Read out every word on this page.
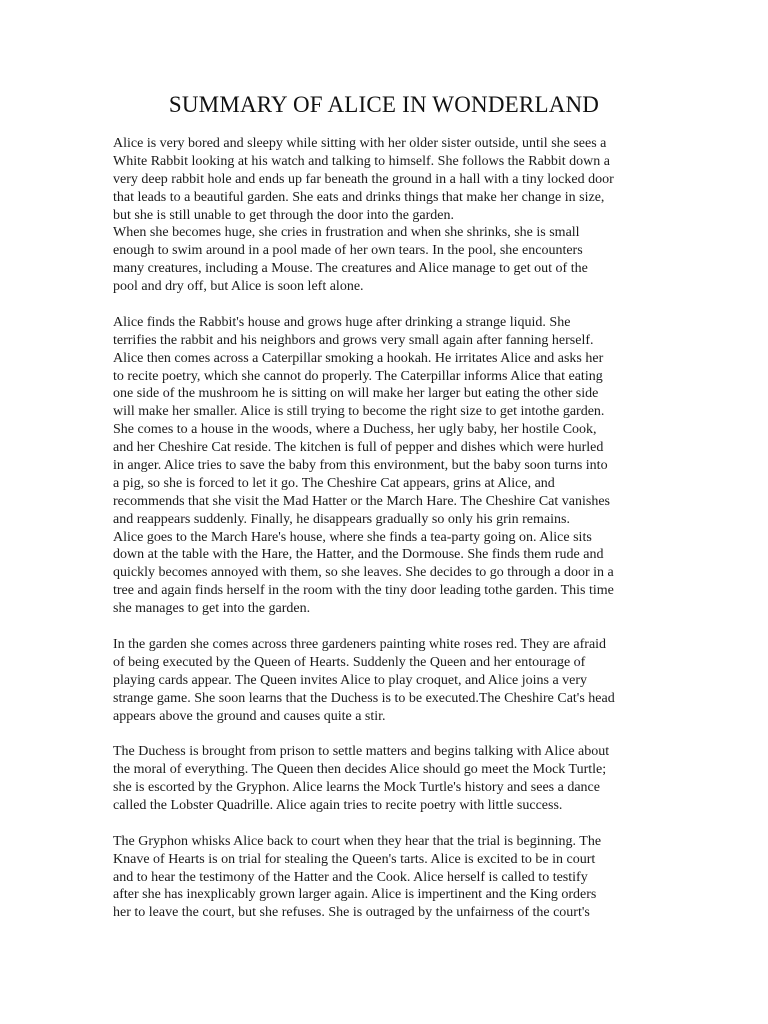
SUMMARY OF ALICE IN WONDERLAND
Alice is very bored and sleepy while sitting with her older sister outside, until she sees a
White Rabbit looking at his watch and talking to himself. She follows the Rabbit down a
very deep rabbit hole and ends up far beneath the ground in a hall with a tiny locked door
that leads to a beautiful garden. She eats and drinks things that make her change in size,
but she is still unable to get through the door into the garden.
When she becomes huge, she cries in frustration and when she shrinks, she is small
enough to swim around in a pool made of her own tears. In the pool, she encounters
many creatures, including a Mouse. The creatures and Alice manage to get out of the
pool and dry off, but Alice is soon left alone.
Alice finds the Rabbit's house and grows huge after drinking a strange liquid. She
terrifies the rabbit and his neighbors and grows very small again after fanning herself.
Alice then comes across a Caterpillar smoking a hookah. He irritates Alice and asks her
to recite poetry, which she cannot do properly. The Caterpillar informs Alice that eating
one side of the mushroom he is sitting on will make her larger but eating the other side
will make her smaller. Alice is still trying to become the right size to get intothe garden.
She comes to a house in the woods, where a Duchess, her ugly baby, her hostile Cook,
and her Cheshire Cat reside. The kitchen is full of pepper and dishes which were hurled
in anger. Alice tries to save the baby from this environment, but the baby soon turns into
a pig, so she is forced to let it go. The Cheshire Cat appears, grins at Alice, and
recommends that she visit the Mad Hatter or the March Hare. The Cheshire Cat vanishes
and reappears suddenly. Finally, he disappears gradually so only his grin remains.
Alice goes to the March Hare's house, where she finds a tea-party going on. Alice sits
down at the table with the Hare, the Hatter, and the Dormouse. She finds them rude and
quickly becomes annoyed with them, so she leaves. She decides to go through a door in a
tree and again finds herself in the room with the tiny door leading tothe garden. This time
she manages to get into the garden.
In the garden she comes across three gardeners painting white roses red. They are afraid
of being executed by the Queen of Hearts. Suddenly the Queen and her entourage of
playing cards appear. The Queen invites Alice to play croquet, and Alice joins a very
strange game. She soon learns that the Duchess is to be executed.The Cheshire Cat's head
appears above the ground and causes quite a stir.
The Duchess is brought from prison to settle matters and begins talking with Alice about
the moral of everything. The Queen then decides Alice should go meet the Mock Turtle;
she is escorted by the Gryphon. Alice learns the Mock Turtle's history and sees a dance
called the Lobster Quadrille. Alice again tries to recite poetry with little success.
The Gryphon whisks Alice back to court when they hear that the trial is beginning. The
Knave of Hearts is on trial for stealing the Queen's tarts. Alice is excited to be in court
and to hear the testimony of the Hatter and the Cook. Alice herself is called to testify
after she has inexplicably grown larger again. Alice is impertinent and the King orders
her to leave the court, but she refuses. She is outraged by the unfairness of the court's
